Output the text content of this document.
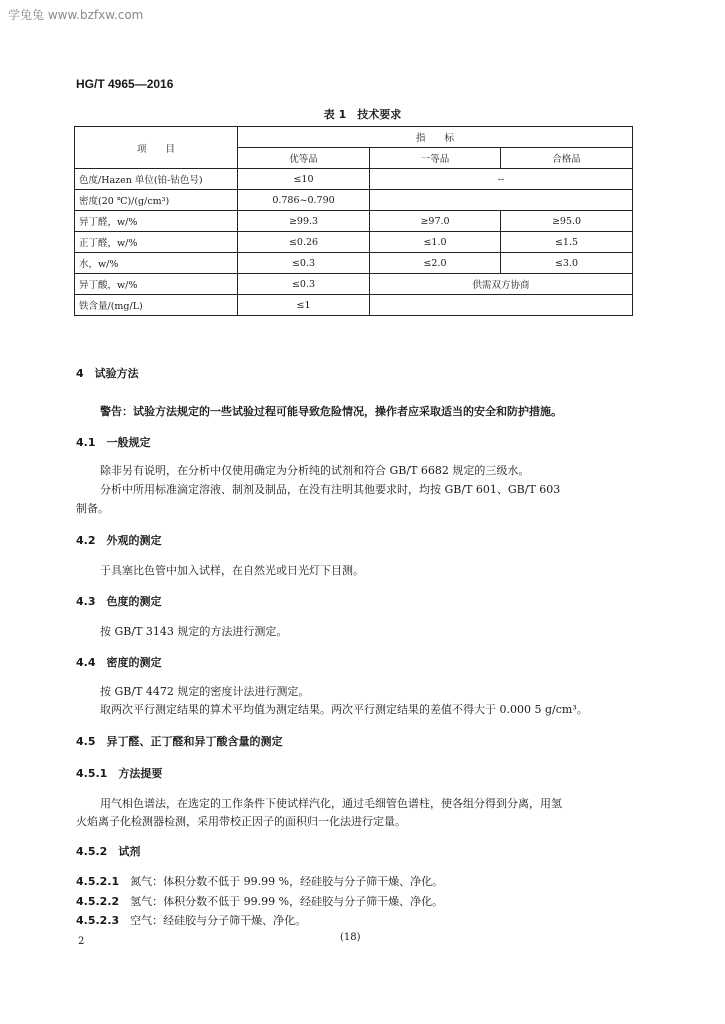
学兔兔 www.bzfxw.com
HG/T 4965—2016
表 1　技术要求
项　　目	指　　标		
	优等品	一等品	合格品
色度/Hazen 单位(铂-钴色号)	≤10	--	
密度(20 ℃)/(g/cm³)	0.786~0.790		
异丁醛，w/%	≥99.3	≥97.0	≥95.0
正丁醛，w/%	≤0.26	≤1.0	≤1.5
水，w/%	≤0.3	≤2.0	≤3.0
异丁酸，w/%	≤0.3	供需双方协商	
铁含量/(mg/L)	≤1		
4　试验方法
警告：试验方法规定的一些试验过程可能导致危险情况，操作者应采取适当的安全和防护措施。
4.1　一般规定
除非另有说明，在分析中仅使用确定为分析纯的试剂和符合 GB/T 6682 规定的三级水。
分析中所用标准滴定溶液、制剂及制品，在没有注明其他要求时，均按 GB/T 601、GB/T 603
制备。
4.2　外观的测定
于具塞比色管中加入试样，在自然光或日光灯下目测。
4.3　色度的测定
按 GB/T 3143 规定的方法进行测定。
4.4　密度的测定
按 GB/T 4472 规定的密度计法进行测定。
取两次平行测定结果的算术平均值为测定结果。两次平行测定结果的差值不得大于 0.000 5 g/cm³。
4.5　异丁醛、正丁醛和异丁酸含量的测定
4.5.1　方法提要
用气相色谱法，在选定的工作条件下使试样汽化，通过毛细管色谱柱，使各组分得到分离，用氢
火焰离子化检测器检测，采用带校正因子的面积归一化法进行定量。
4.5.2　试剂
4.5.2.1　 氮气：体积分数不低于 99.99 %，经硅胶与分子筛干燥、净化。
4.5.2.2　 氢气：体积分数不低于 99.99 %，经硅胶与分子筛干燥、净化。
4.5.2.3　 空气：经硅胶与分子筛干燥、净化。
2	(18)
